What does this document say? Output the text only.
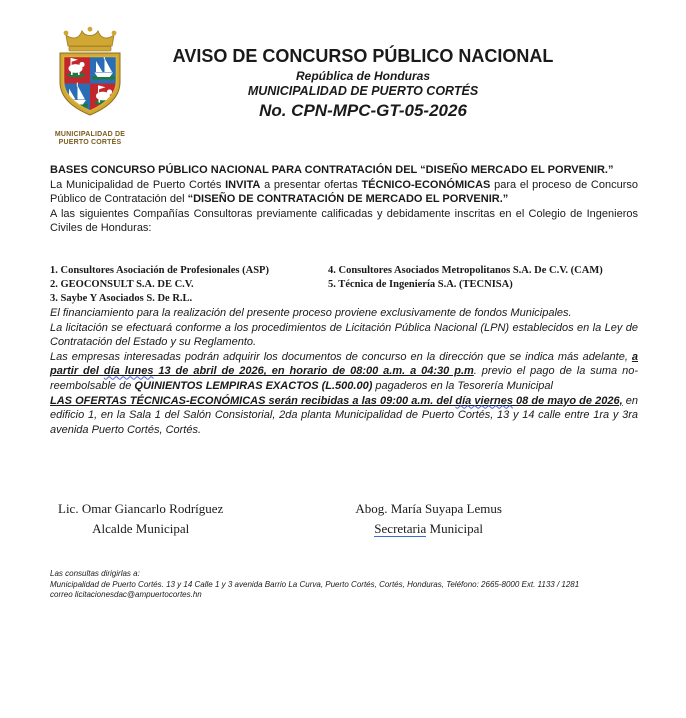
MUNICIPALIDAD DE
PUERTO CORTÉS
AVISO DE CONCURSO PÚBLICO NACIONAL
República de Honduras
MUNICIPALIDAD DE PUERTO CORTÉS
No. CPN-MPC-GT-05-2026

BASES CONCURSO PÚBLICO NACIONAL PARA CONTRATACIÓN DEL “DISEÑO MERCADO EL PORVENIR.”

La Municipalidad de Puerto Cortés INVITA a presentar ofertas TÉCNICO-ECONÓMICAS para el proceso de Concurso Público de Contratación del “DISEÑO DE CONTRATACIÓN DE MERCADO EL PORVENIR.”

A las siguientes Compañías Consultoras previamente calificadas y debidamente inscritas en el Colegio de Ingenieros Civiles de Honduras:

1. Consultores Asociación de Profesionales (ASP)
2. GEOCONSULT S.A. DE C.V.
3. Saybe Y Asociados S. De R.L.
4. Consultores Asociados Metropolitanos S.A. De C.V. (CAM)
5. Técnica de Ingeniería S.A. (TECNISA)

El financiamiento para la realización del presente proceso proviene exclusivamente de fondos Municipales.

La licitación se efectuará conforme a los procedimientos de Licitación Pública Nacional (LPN) establecidos en la Ley de Contratación del Estado y su Reglamento.

Las empresas interesadas podrán adquirir los documentos de concurso en la dirección que se indica más adelante, a partir del día lunes 13 de abril de 2026, en horario de 08:00 a.m. a 04:30 p.m. previo el pago de la suma no-reembolsable de QUINIENTOS LEMPIRAS EXACTOS (L.500.00) pagaderos en la Tesorería Municipal

LAS OFERTAS TÉCNICAS-ECONÓMICAS serán recibidas a las 09:00 a.m. del día viernes 08 de mayo de 2026, en edificio 1, en la Sala 1 del Salón Consistorial, 2da planta Municipalidad de Puerto Cortés, 13 y 14 calle entre 1ra y 3ra avenida Puerto Cortés, Cortés.

Lic. Omar Giancarlo Rodríguez
Alcalde Municipal
Abog. María Suyapa Lemus
Secretaria Municipal
Las consultas dirigirlas a:
Municipalidad de Puerto Cortés. 13 y 14 Calle 1 y 3 avenida Barrio La Curva, Puerto Cortés, Cortés, Honduras, Teléfono: 2665-8000 Ext. 1133 / 1281
correo licitacionesdac@ampuertocortes.hn
